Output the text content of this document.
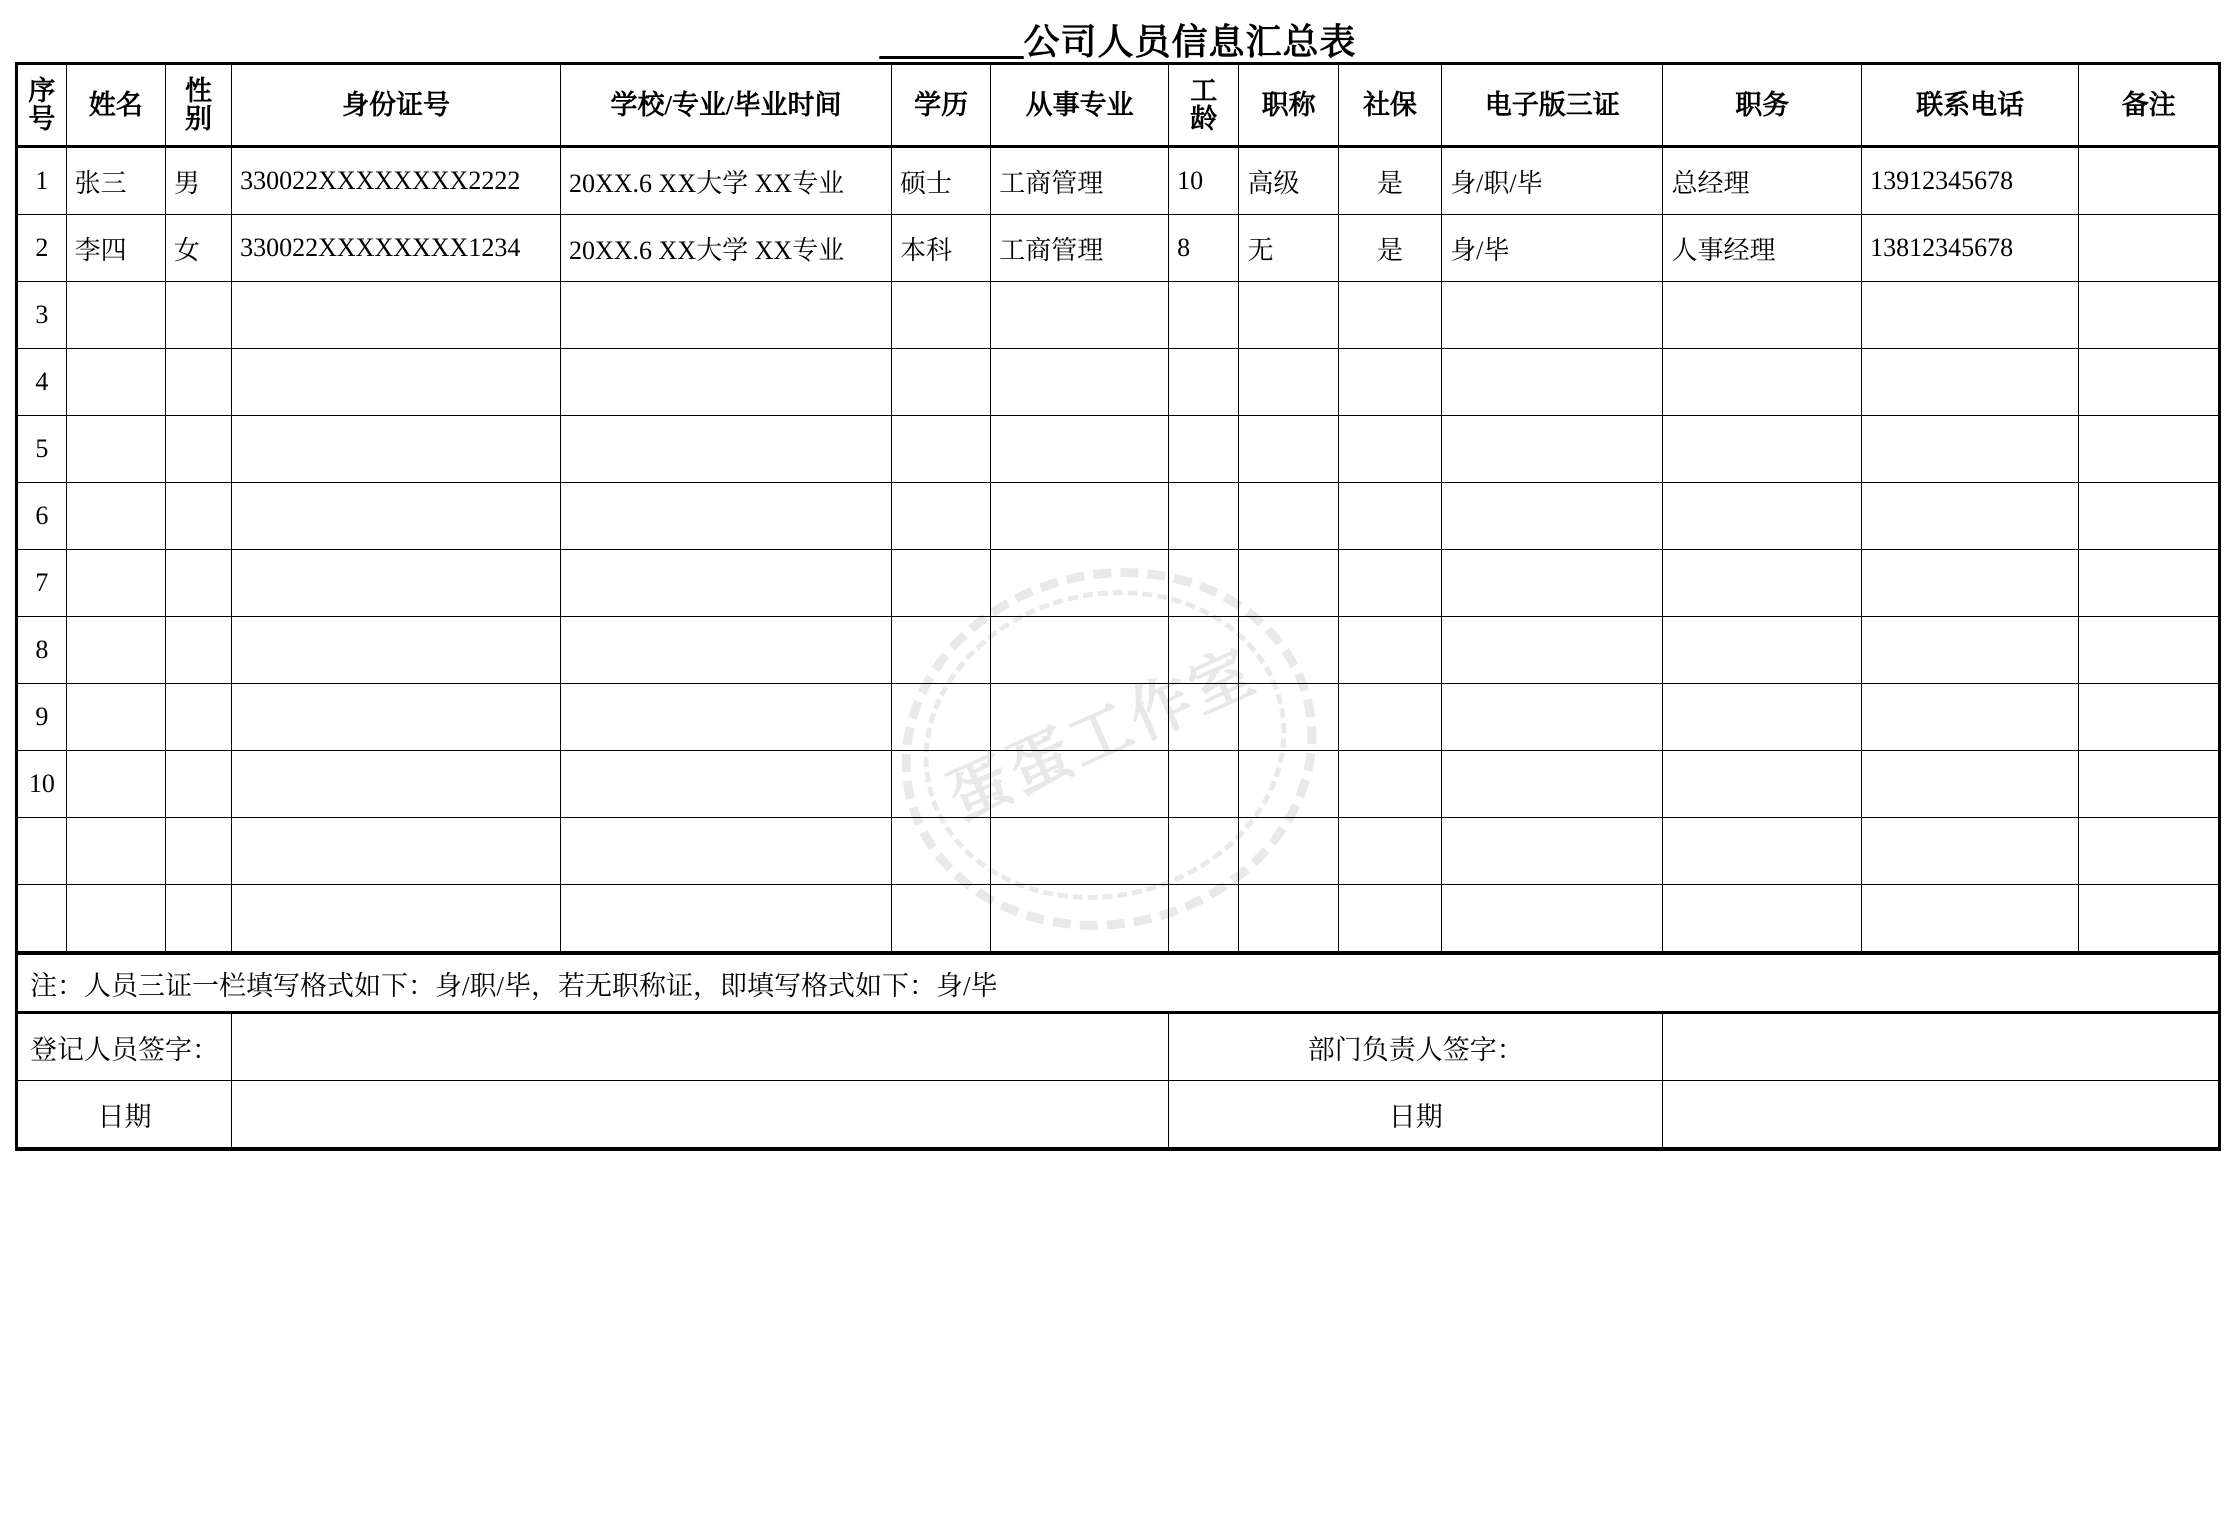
蛋蛋工作室
________公司人员信息汇总表
序号	姓名	性别	身份证号	学校/专业/毕业时间	学历	从事专业	工龄	职称	社保	电子版三证	职务	联系电话	备注
1	张三	男	330022XXXXXXXX2222	20XX.6 XX大学 XX专业	硕士	工商管理	10	高级	是	身/职/毕	总经理	13912345678	
2	李四	女	330022XXXXXXXX1234	20XX.6 XX大学 XX专业	本科	工商管理	8	无	是	身/毕	人事经理	13812345678	
3													
4													
5													
6													
7													
8													
9													
10													

注：人员三证一栏填写格式如下：身/职/毕，若无职称证，即填写格式如下：身/毕													
登记人员签字：							部门负责人签字：						
日期							日期						
